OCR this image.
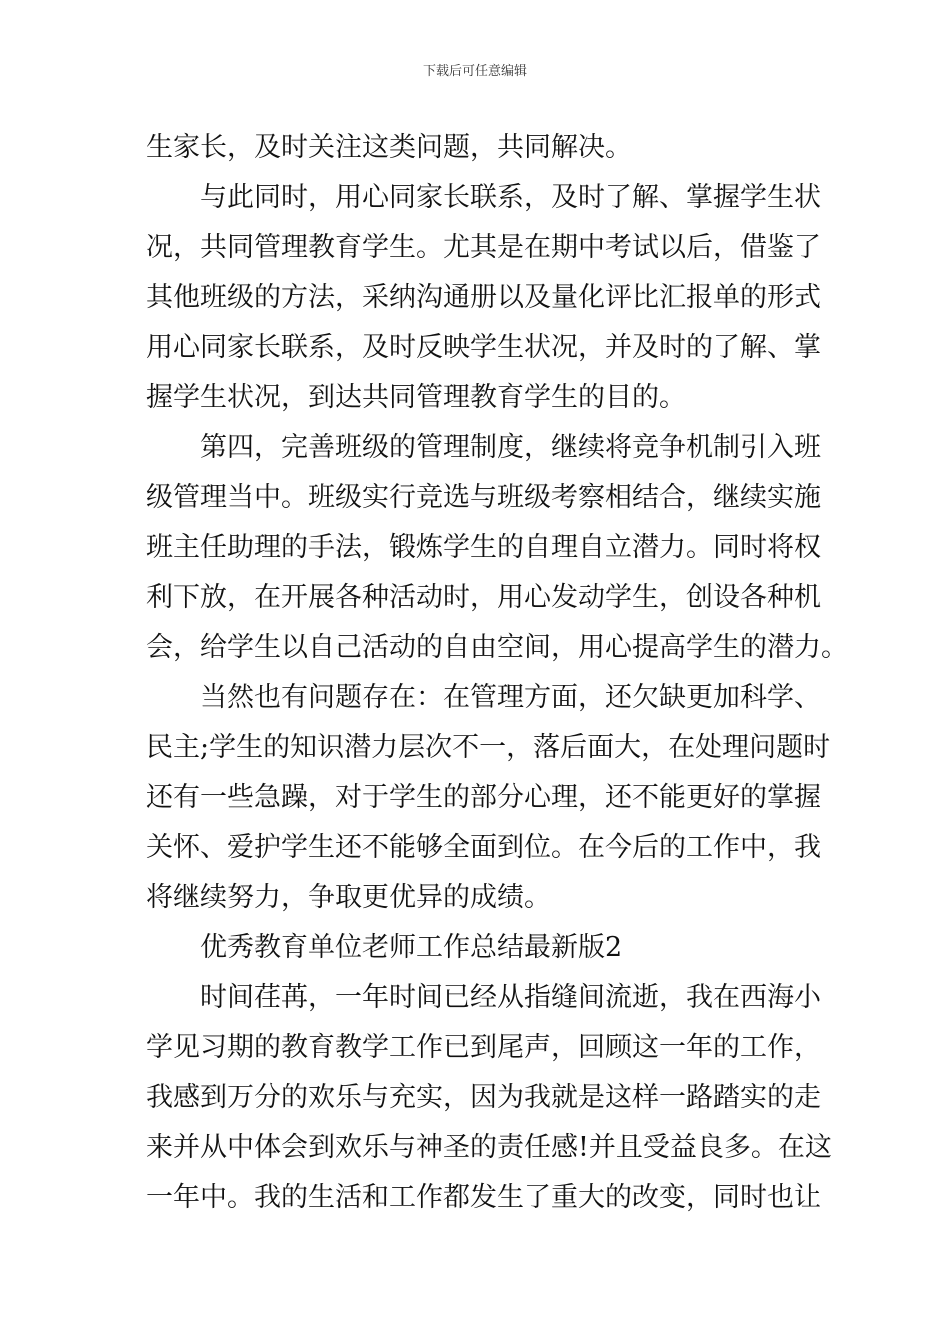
下载后可任意编辑
生家长，及时关注这类问题，共同解决。
与此同时，用心同家长联系，及时了解、掌握学生状
况，共同管理教育学生。尤其是在期中考试以后，借鉴了
其他班级的方法，采纳沟通册以及量化评比汇报单的形式
用心同家长联系，及时反映学生状况，并及时的了解、掌
握学生状况，到达共同管理教育学生的目的。
第四，完善班级的管理制度，继续将竞争机制引入班
级管理当中。班级实行竞选与班级考察相结合，继续实施
班主任助理的手法，锻炼学生的自理自立潜力。同时将权
利下放，在开展各种活动时，用心发动学生，创设各种机
会，给学生以自己活动的自由空间，用心提高学生的潜力。
当然也有问题存在：在管理方面，还欠缺更加科学、
民主;学生的知识潜力层次不一，落后面大，在处理问题时
还有一些急躁，对于学生的部分心理，还不能更好的掌握
关怀、爱护学生还不能够全面到位。在今后的工作中，我
将继续努力，争取更优异的成绩。
优秀教育单位老师工作总结最新版2
时间荏苒，一年时间已经从指缝间流逝，我在西海小
学见习期的教育教学工作已到尾声，回顾这一年的工作，
我感到万分的欢乐与充实，因为我就是这样一路踏实的走
来并从中体会到欢乐与神圣的责任感!并且受益良多。在这
一年中。我的生活和工作都发生了重大的改变，同时也让
